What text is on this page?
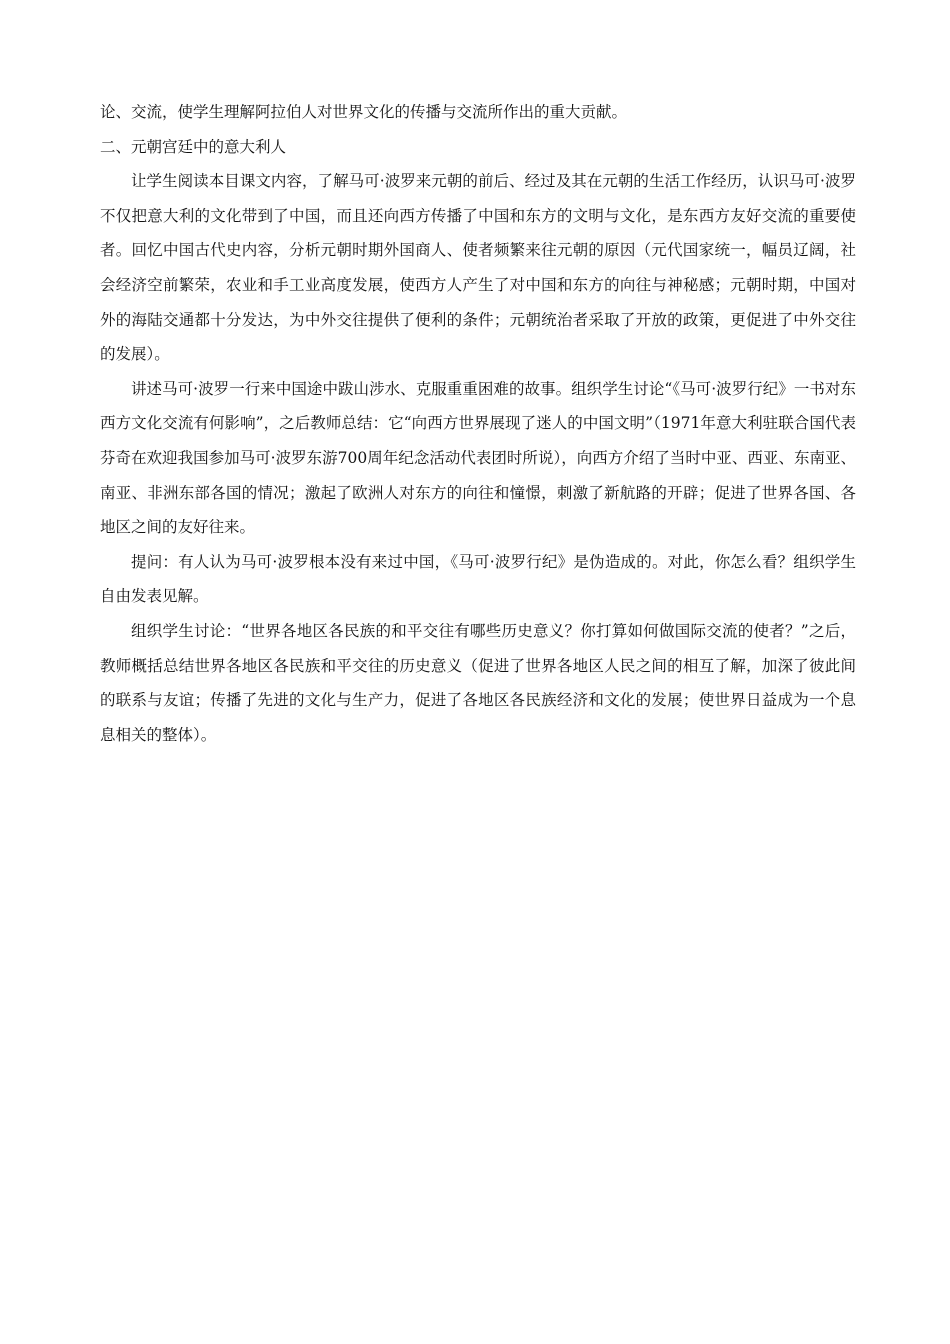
论、交流，使学生理解阿拉伯人对世界文化的传播与交流所作出的重大贡献。

二、元朝宫廷中的意大利人

让学生阅读本目课文内容，了解马可·波罗来元朝的前后、经过及其在元朝的生活工作经历，认识马可·波罗不仅把意大利的文化带到了中国，而且还向西方传播了中国和东方的文明与文化，是东西方友好交流的重要使者。回忆中国古代史内容，分析元朝时期外国商人、使者频繁来往元朝的原因（元代国家统一，幅员辽阔，社会经济空前繁荣，农业和手工业高度发展，使西方人产生了对中国和东方的向往与神秘感；元朝时期，中国对外的海陆交通都十分发达，为中外交往提供了便利的条件；元朝统治者采取了开放的政策，更促进了中外交往的发展）。

讲述马可·波罗一行来中国途中跋山涉水、克服重重困难的故事。组织学生讨论“《马可·波罗行纪》一书对东西方文化交流有何影响”，之后教师总结：它“向西方世界展现了迷人的中国文明”（1971年意大利驻联合国代表芬奇在欢迎我国参加马可·波罗东游700周年纪念活动代表团时所说），向西方介绍了当时中亚、西亚、东南亚、南亚、非洲东部各国的情况；激起了欧洲人对东方的向往和憧憬，刺激了新航路的开辟；促进了世界各国、各地区之间的友好往来。

提问：有人认为马可·波罗根本没有来过中国，《马可·波罗行纪》是伪造成的。对此，你怎么看？组织学生自由发表见解。

组织学生讨论：“世界各地区各民族的和平交往有哪些历史意义？你打算如何做国际交流的使者？”之后，教师概括总结世界各地区各民族和平交往的历史意义（促进了世界各地区人民之间的相互了解，加深了彼此间的联系与友谊；传播了先进的文化与生产力，促进了各地区各民族经济和文化的发展；使世界日益成为一个息息相关的整体）。
